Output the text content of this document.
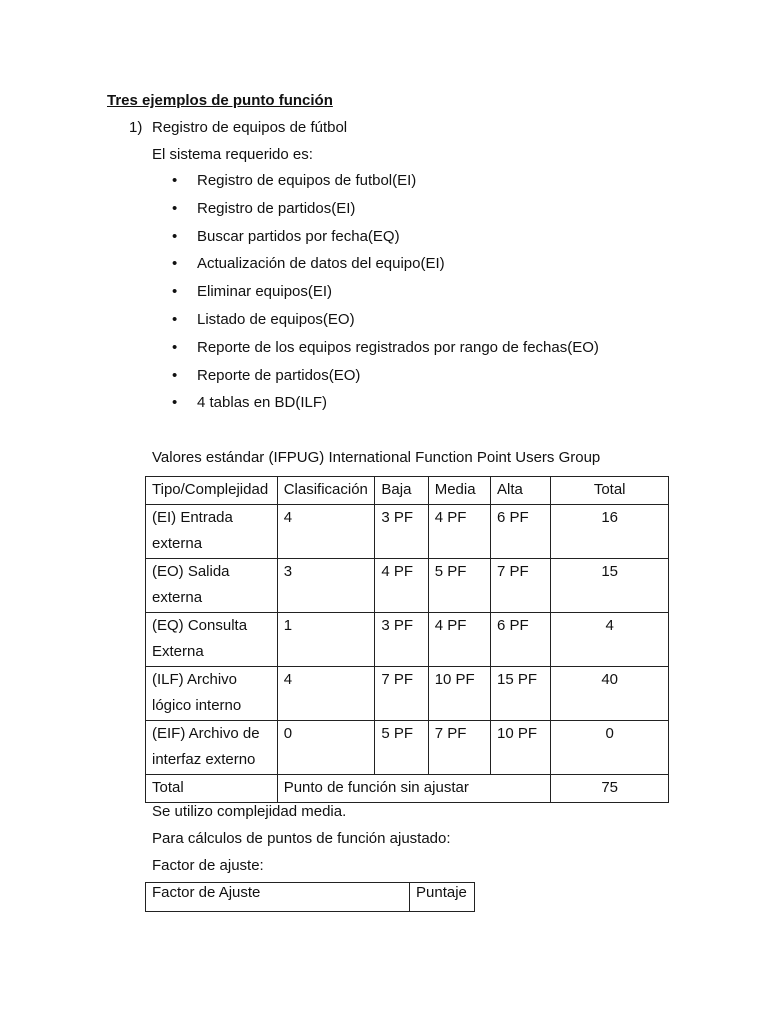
Tres ejemplos de punto función
1) Registro de equipos de fútbol
El sistema requerido es:
• Registro de equipos de futbol(EI)
• Registro de partidos(EI)
• Buscar partidos por fecha(EQ)
• Actualización de datos del equipo(EI)
• Eliminar equipos(EI)
• Listado de equipos(EO)
• Reporte de los equipos registrados por rango de fechas(EO)
• Reporte de partidos(EO)
• 4 tablas en BD(ILF)
Valores estándar (IFPUG) International Function Point Users Group
Tipo/Complejidad	Clasificación	Baja	Media	Alta	Total
(EI) Entrada externa	4	3 PF	4 PF	6 PF	16
(EO) Salida externa	3	4 PF	5 PF	7 PF	15
(EQ) Consulta Externa	1	3 PF	4 PF	6 PF	4
(ILF) Archivo lógico interno	4	7 PF	10 PF	15 PF	40
(EIF) Archivo de interfaz externo	0	5 PF	7 PF	10 PF	0
Total	Punto de función sin ajustar				75
Se utilizo complejidad media.
Para cálculos de puntos de función ajustado:
Factor de ajuste:
Factor de Ajuste	Puntaje
